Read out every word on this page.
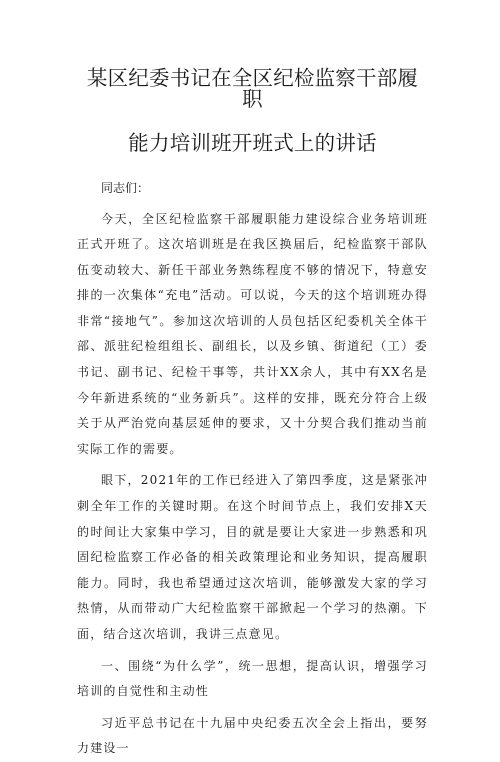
某区纪委书记在全区纪检监察干部履职
能力培训班开班式上的讲话

同志们：

今天，全区纪检监察干部履职能力建设综合业务培训班正式开班了。这次培训班是在我区换届后，纪检监察干部队伍变动较大、新任干部业务熟练程度不够的情况下，特意安排的一次集体“充电”活动。可以说，今天的这个培训班办得非常“接地气”。参加这次培训的人员包括区纪委机关全体干部、派驻纪检组组长、副组长，以及乡镇、街道纪（工）委书记、副书记、纪检干事等，共计XX余人，其中有XX名是今年新进系统的“业务新兵”。这样的安排，既充分符合上级关于从严治党向基层延伸的要求，又十分契合我们推动当前实际工作的需要。

眼下，2021年的工作已经进入了第四季度，这是紧张冲刺全年工作的关键时期。在这个时间节点上，我们安排X天的时间让大家集中学习，目的就是要让大家进一步熟悉和巩固纪检监察工作必备的相关政策理论和业务知识，提高履职能力。同时，我也希望通过这次培训，能够激发大家的学习热情，从而带动广大纪检监察干部掀起一个学习的热潮。下面，结合这次培训，我讲三点意见。

一、围绕“为什么学”，统一思想，提高认识，增强学习培训的自觉性和主动性

习近平总书记在十九届中央纪委五次全会上指出，要努力建设一
